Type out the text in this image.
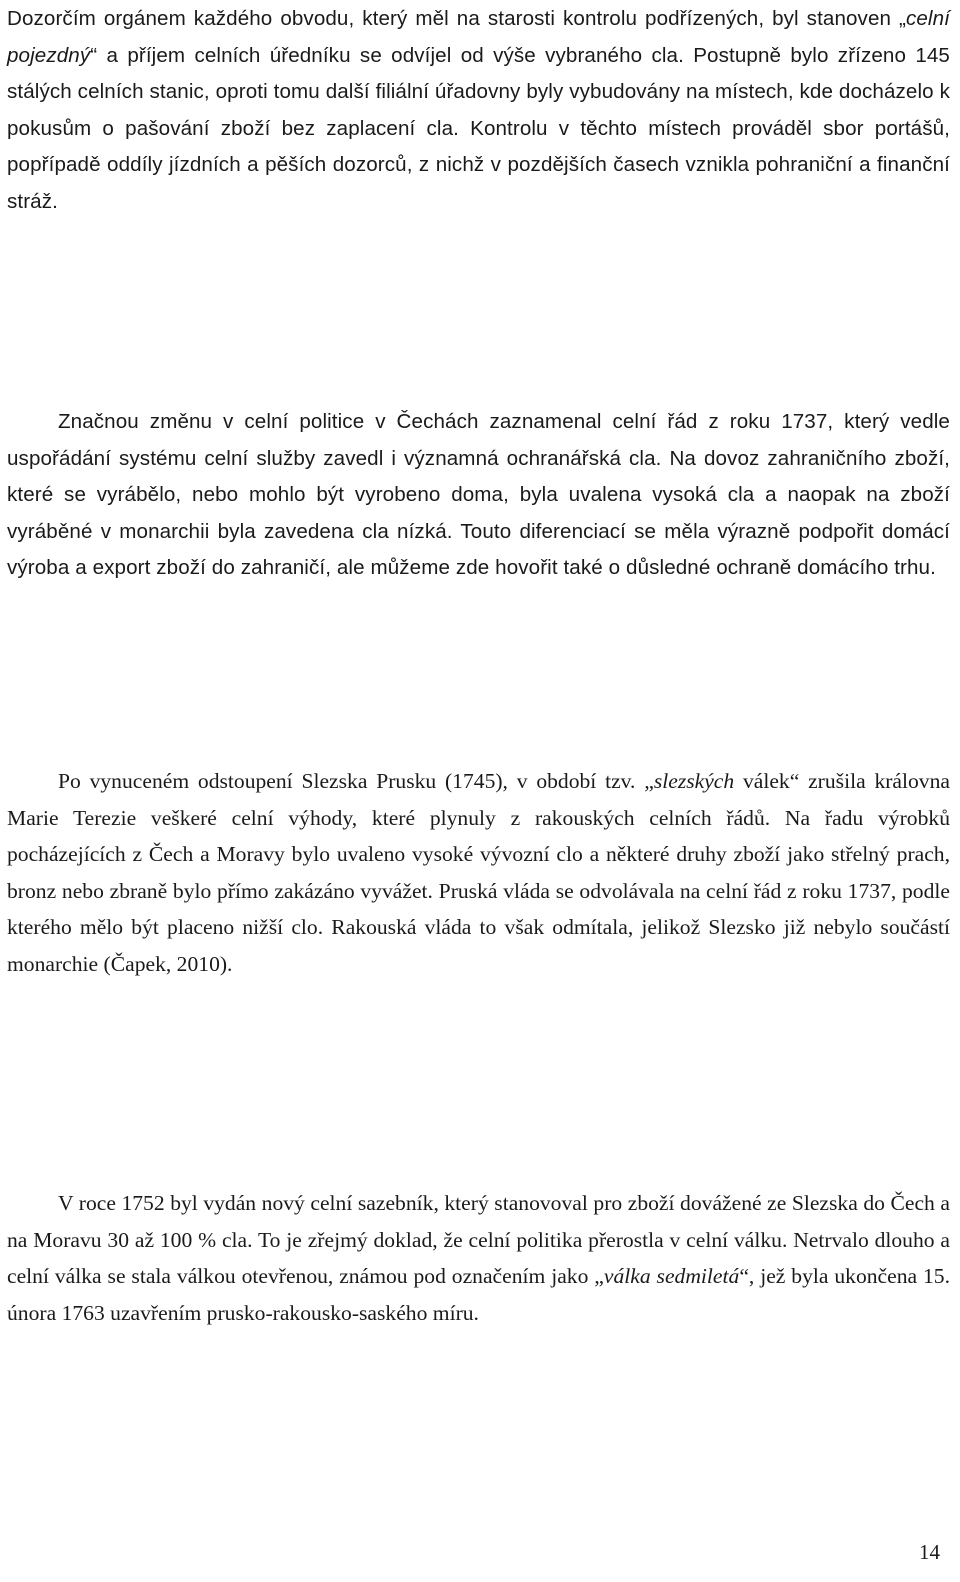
Dozorčím orgánem každého obvodu, který měl na starosti kontrolu podřízených, byl stanoven „celní pojezdný“ a příjem celních úředníku se odvíjel od výše vybraného cla. Postupně bylo zřízeno 145 stálých celních stanic, oproti tomu další filiální úřadovny byly vybudovány na místech, kde docházelo k pokusům o pašování zboží bez zaplacení cla. Kontrolu v těchto místech prováděl sbor portášů, popřípadě oddíly jízdních a pěších dozorců, z nichž v pozdějších časech vznikla pohraniční a finanční stráž.

Značnou změnu v celní politice v Čechách zaznamenal celní řád z roku 1737, který vedle uspořádání systému celní služby zavedl i významná ochranářská cla. Na dovoz zahraničního zboží, které se vyrábělo, nebo mohlo být vyrobeno doma, byla uvalena vysoká cla a naopak na zboží vyráběné v monarchii byla zavedena cla nízká. Touto diferenciací se měla výrazně podpořit domácí výroba a export zboží do zahraničí, ale můžeme zde hovořit také o důsledné ochraně domácího trhu.

Po vynuceném odstoupení Slezska Prusku (1745), v období tzv. „slezských válek“ zrušila královna Marie Terezie veškeré celní výhody, které plynuly z rakouských celních řádů. Na řadu výrobků pocházejících z Čech a Moravy bylo uvaleno vysoké vývozní clo a některé druhy zboží jako střelný prach, bronz nebo zbraně bylo přímo zakázáno vyvážet. Pruská vláda se odvolávala na celní řád z roku 1737, podle kterého mělo být placeno nižší clo. Rakouská vláda to však odmítala, jelikož Slezsko již nebylo součástí monarchie (Čapek, 2010).

V roce 1752 byl vydán nový celní sazebník, který stanovoval pro zboží dovážené ze Slezska do Čech a na Moravu 30 až 100 % cla. To je zřejmý doklad, že celní politika přerostla v celní válku. Netrvalo dlouho a celní válka se stala válkou otevřenou, známou pod označením jako „válka sedmiletá“, jež byla ukončena 15. února 1763 uzavřením prusko-rakousko-saského míru.

14
